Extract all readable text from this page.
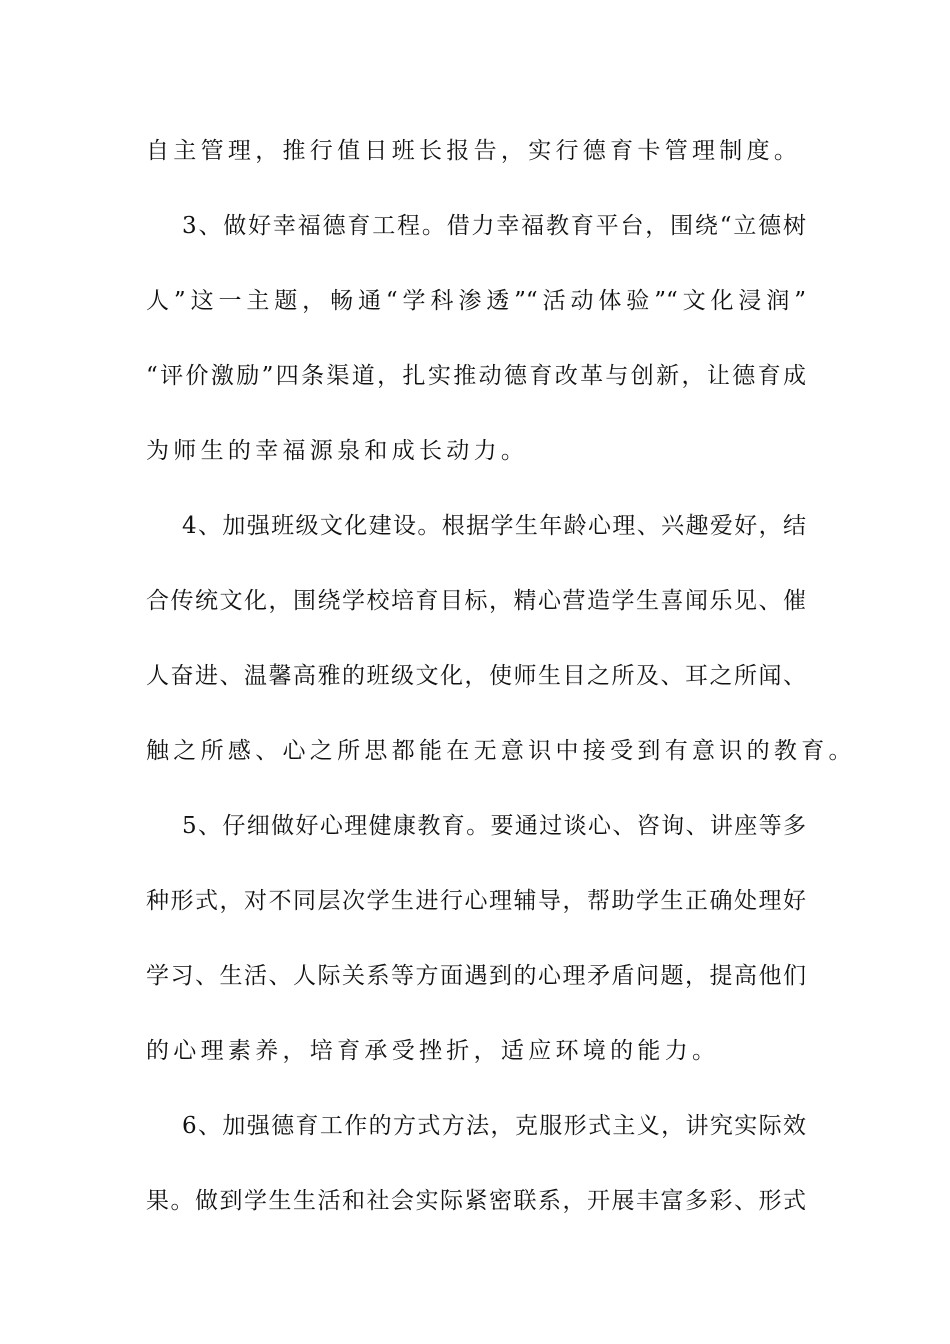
自主管理，推行值日班长报告，实行德育卡管理制度。
3、做好幸福德育工程。借力幸福教育平台，围绕“立德树
人”这一主题，畅通“学科渗透”“活动体验”“文化浸润”
“评价激励”四条渠道，扎实推动德育改革与创新，让德育成
为师生的幸福源泉和成长动力。
4、加强班级文化建设。根据学生年龄心理、兴趣爱好，结
合传统文化，围绕学校培育目标，精心营造学生喜闻乐见、催
人奋进、温馨高雅的班级文化，使师生目之所及、耳之所闻、
触之所感、心之所思都能在无意识中接受到有意识的教育。
5、仔细做好心理健康教育。要通过谈心、咨询、讲座等多
种形式，对不同层次学生进行心理辅导，帮助学生正确处理好
学习、生活、人际关系等方面遇到的心理矛盾问题，提高他们
的心理素养，培育承受挫折，适应环境的能力。
6、加强德育工作的方式方法，克服形式主义，讲究实际效
果。做到学生生活和社会实际紧密联系，开展丰富多彩、形式
